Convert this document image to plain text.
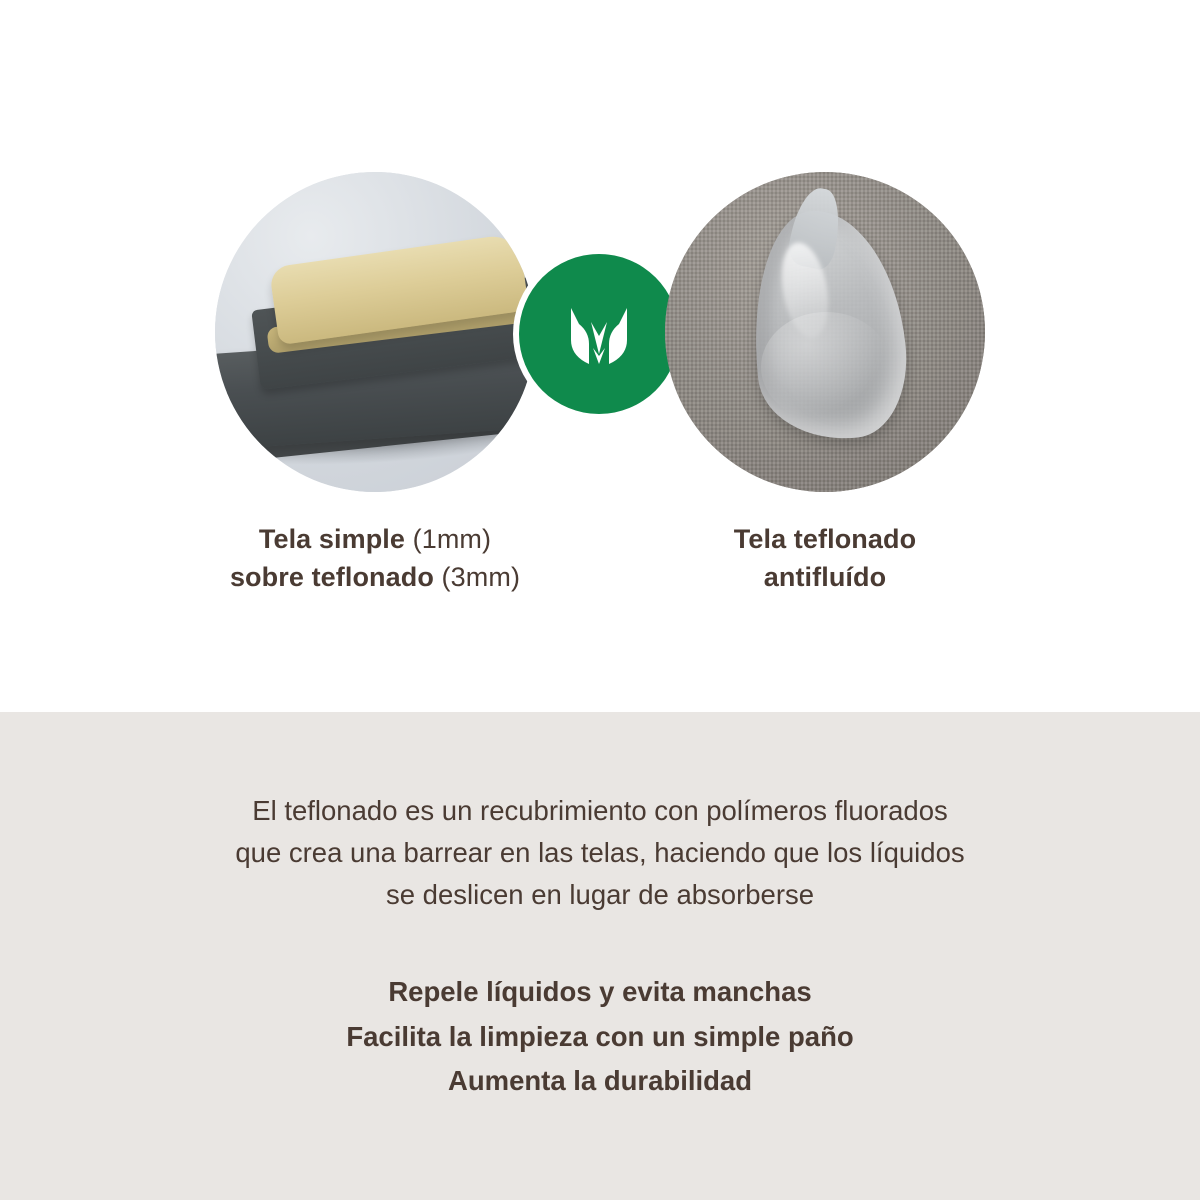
Tela simple (1mm)
sobre teflonado (3mm)
Tela teflonado
antifluído
El teflonado es un recubrimiento con polímeros fluorados
que crea una barrear en las telas, haciendo que los líquidos
se deslicen en lugar de absorberse
Repele líquidos y evita manchas
Facilita la limpieza con un simple paño
Aumenta la durabilidad
